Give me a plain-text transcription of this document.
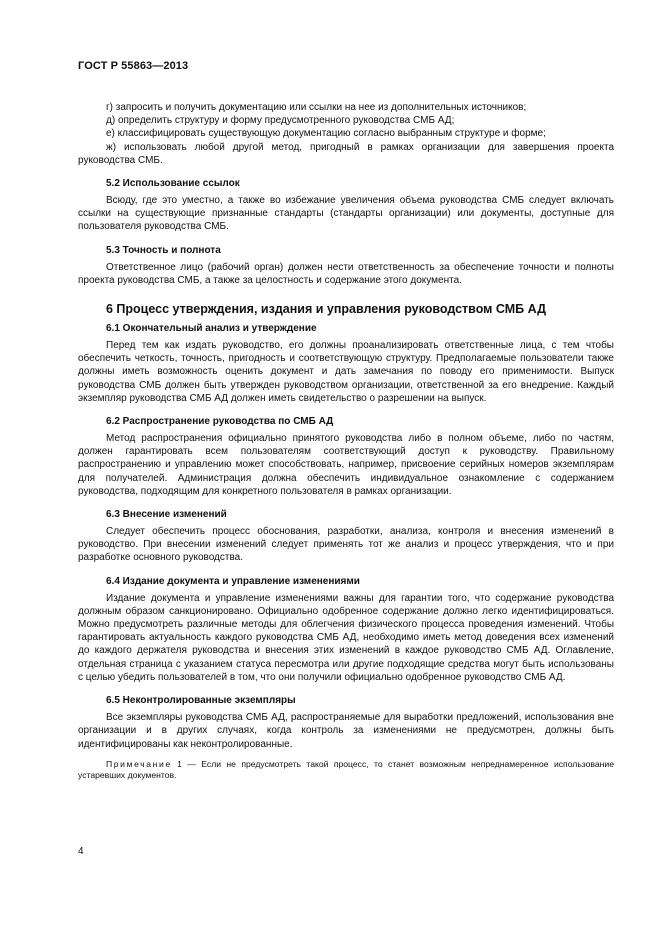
ГОСТ Р 55863—2013

г) запросить и получить документацию или ссылки на нее из дополнительных источников;

д) определить структуру и форму предусмотренного руководства СМБ АД;

е) классифицировать существующую документацию согласно выбранным структуре и форме;

ж) использовать любой другой метод, пригодный в рамках организации для завершения проекта руководства СМБ.

5.2 Использование ссылок

Всюду, где это уместно, а также во избежание увеличения объема руководства СМБ следует включать ссылки на существующие признанные стандарты (стандарты организации) или документы, доступные для пользователя руководства СМБ.

5.3 Точность и полнота

Ответственное лицо (рабочий орган) должен нести ответственность за обеспечение точности и полноты проекта руководства СМБ, а также за целостность и содержание этого документа.

6 Процесс утверждения, издания и управления руководством СМБ АД
6.1 Окончательный анализ и утверждение

Перед тем как издать руководство, его должны проанализировать ответственные лица, с тем чтобы обеспечить четкость, точность, пригодность и соответствующую структуру. Предполагаемые пользователи также должны иметь возможность оценить документ и дать замечания по поводу его применимости. Выпуск руководства СМБ должен быть утвержден руководством организации, ответственной за его внедрение. Каждый экземпляр руководства СМБ АД должен иметь свидетельство о разрешении на выпуск.

6.2 Распространение руководства по СМБ АД

Метод распространения официально принятого руководства либо в полном объеме, либо по частям, должен гарантировать всем пользователям соответствующий доступ к руководству. Правильному распространению и управлению может способствовать, например, присвоение серийных номеров экземплярам для получателей. Администрация должна обеспечить индивидуальное ознакомление с содержанием руководства, подходящим для конкретного пользователя в рамках организации.

6.3 Внесение изменений

Следует обеспечить процесс обоснования, разработки, анализа, контроля и внесения изменений в руководство. При внесении изменений следует применять тот же анализ и процесс утверждения, что и при разработке основного руководства.

6.4 Издание документа и управление изменениями

Издание документа и управление изменениями важны для гарантии того, что содержание руководства должным образом санкционировано. Официально одобренное содержание должно легко идентифицироваться. Можно предусмотреть различные методы для облегчения физического процесса проведения изменений. Чтобы гарантировать актуальность каждого руководства СМБ АД, необходимо иметь метод доведения всех изменений до каждого держателя руководства и внесения этих изменений в каждое руководство СМБ АД. Оглавление, отдельная страница с указанием статуса пересмотра или другие подходящие средства могут быть использованы с целью убедить пользователей в том, что они получили официально одобренное руководство СМБ АД.

6.5 Неконтролированные экземпляры

Все экземпляры руководства СМБ АД, распространяемые для выработки предложений, использования вне организации и в других случаях, когда контроль за изменениями не предусмотрен, должны быть идентифицированы как неконтролированные.

Примечание 1 — Если не предусмотреть такой процесс, то станет возможным непреднамеренное использование устаревших документов.
4
